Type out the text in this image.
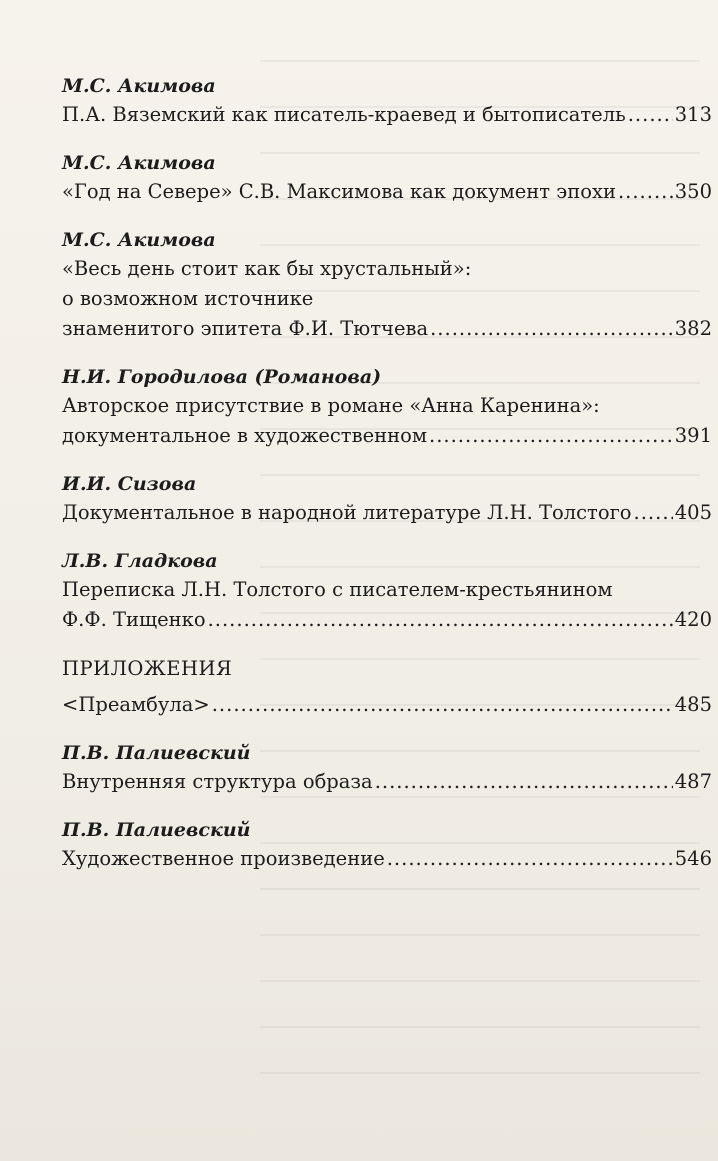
М.С. Акимова
П.А. Вяземский как писатель-краевед и бытописатель .....	313
М.С. Акимова
«Год на Севере» С.В. Максимова как документ эпохи .....	350
М.С. Акимова
«Весь день стоит как бы хрустальный»:
о возможном источнике
знаменитого эпитета Ф.И. Тютчева .....	382
Н.И. Городилова (Романова)
Авторское присутствие в романе «Анна Каренина»:
документальное в художественном .....	391
И.И. Сизова
Документальное в народной литературе Л.Н. Толстого ..... 405
Л.В. Гладкова
Переписка Л.Н. Толстого с писателем-крестьянином
Ф.Ф. Тищенко .....	420
ПРИЛОЖЕНИЯ
<Преамбула> .....	485
П.В. Палиевский
Внутренняя структура образа .....	487
П.В. Палиевский
Художественное произведение .....	546
